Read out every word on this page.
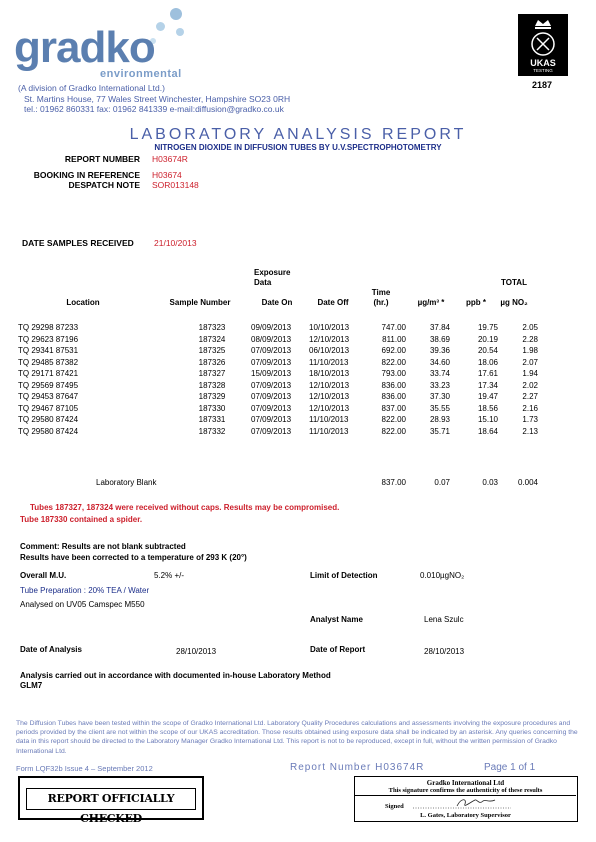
gradko
environmental
(A division of Gradko International Ltd.)
St. Martins House, 77 Wales Street Winchester, Hampshire SO23 0RH
tel.: 01962 860331 fax: 01962 841339 e-mail:diffusion@gradko.co.uk
UKAS
TESTING
2187
LABORATORY ANALYSIS REPORT
NITROGEN DIOXIDE IN DIFFUSION TUBES BY U.V.SPECTROPHOTOMETRY
REPORT NUMBER H03674R
BOOKING IN REFERENCE H03674
DESPATCH NOTE SOR013148
DATE SAMPLES RECEIVED 21/10/2013
Exposure Data	TOTAL
Location	Sample Number	Date On	Date Off
Time (hr.)	µg/m³ *	ppb *	µg NO₂
TQ 29298 87233	187323	09/09/2013 10/10/2013	747.00	37.84	19.75	2.05
TQ 29623 87196	187324	08/09/2013 12/10/2013	811.00	38.69	20.19	2.28
TQ 29341 87531	187325	07/09/2013 06/10/2013	692.00	39.36	20.54	1.98
TQ 29485 87382	187326	07/09/2013 11/10/2013	822.00	34.60	18.06	2.07
TQ 29171 87421	187327	15/09/2013 18/10/2013	793.00	33.74	17.61	1.94
TQ 29569 87495	187328	07/09/2013 12/10/2013	836.00	33.23	17.34	2.02
TQ 29453 87647	187329	07/09/2013 12/10/2013	836.00	37.30	19.47	2.27
TQ 29467 87105	187330	07/09/2013 12/10/2013	837.00	35.55	18.56	2.16
TQ 29580 87424	187331	07/09/2013 11/10/2013	822.00	28.93	15.10	1.73
TQ 29580 87424	187332	07/09/2013 11/10/2013	822.00	35.71	18.64	2.13
Laboratory Blank	837.00	0.07	0.03	0.004
Tubes 187327, 187324 were received without caps. Results may be compromised.
Tube 187330 contained a spider.
Comment: Results are not blank subtracted
Results have been corrected to a temperature of 293 K (20°)
Overall M.U.	5.2% +/-	Limit of Detection	0.010µgNO₂
Tube Preparation : 20% TEA / Water
Analysed on UV05 Camspec M550
Analyst Name	Lena Szulc
Date of Analysis	28/10/2013	Date of Report	28/10/2013
Analysis carried out in accordance with documented in-house Laboratory Method
GLM7
The Diffusion Tubes have been tested within the scope of Gradko International Ltd. Laboratory Quality Procedures calculations and assessments involving the exposure procedures and periods provided by the client are not within the scope of our UKAS accreditation. Those results obtained using exposure data shall be indicated by an asterisk. Any queries concerning the data in this report should be directed to the Laboratory Manager Gradko International Ltd. This report is not to be reproduced, except in full, without the written permission of Gradko International Ltd.
Form LQF32b Issue 4 – September 2012	Report Number H03674R	Page 1 of 1
REPORT OFFICIALLY CHECKED
Gradko International Ltd
This signature confirms the authenticity of these results
Signed
L. Gates, Laboratory Supervisor
